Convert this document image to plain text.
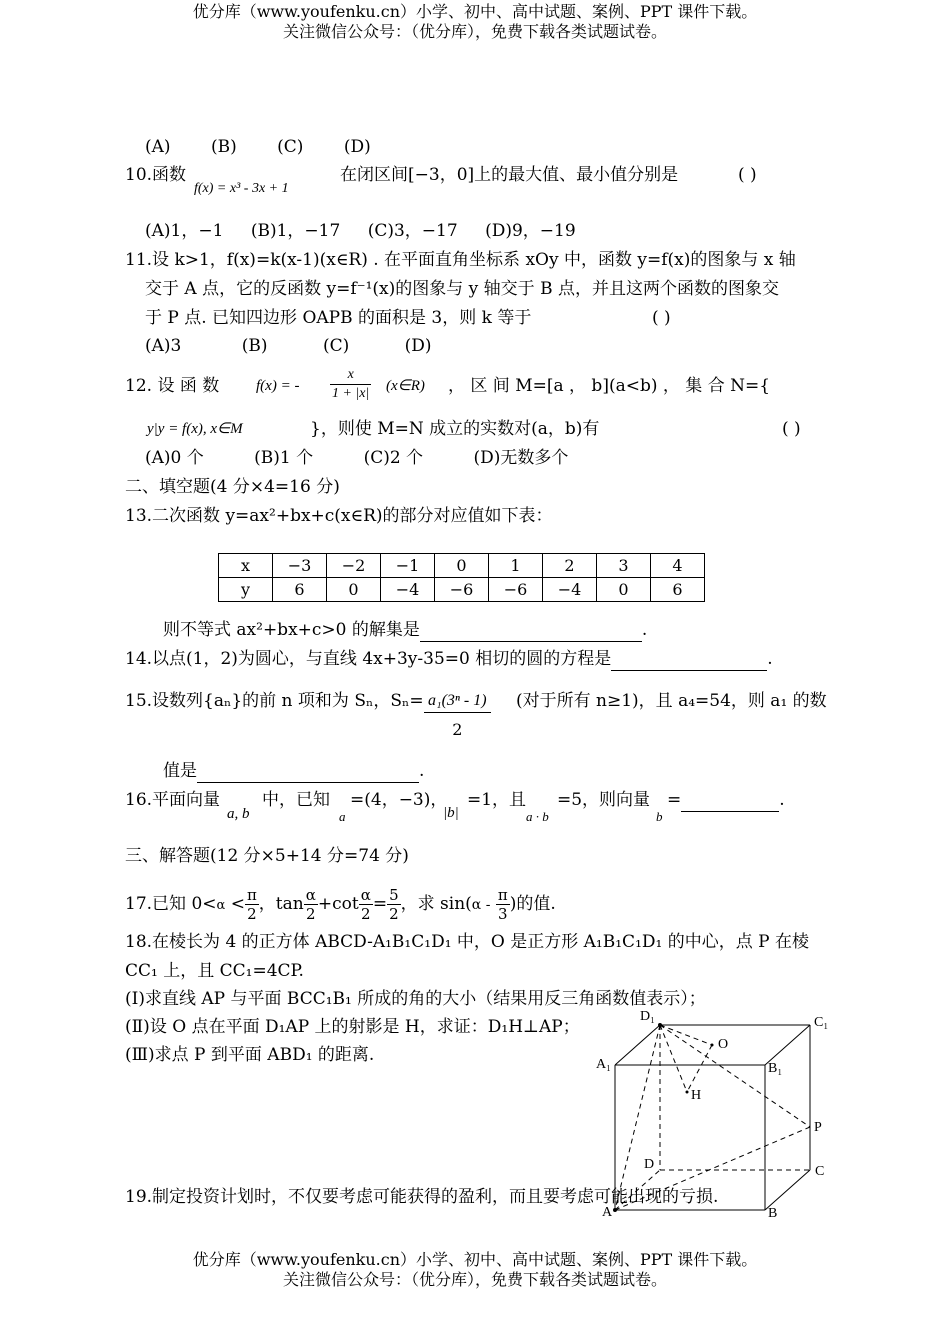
优分库（www.youfenku.cn）小学、初中、高中试题、案例、PPT 课件下载。
关注微信公众号：（优分库），免费下载各类试题试卷。
(A) (B) (C) (D)
10.函数
f(x) = x³ - 3x + 1
在闭区间[−3，0]上的最大值、最小值分别是	( )
(A)1，−1 (B)1，−17 (C)3，−17 (D)9，−19
11.设 k>1，f(x)=k(x-1)(x∈R) . 在平面直角坐标系 xOy 中，函数 y=f(x)的图象与 x 轴
交于 A 点，它的反函数 y=f⁻¹(x)的图象与 y 轴交于 B 点，并且这两个函数的图象交
于 P 点. 已知四边形 OAPB 的面积是 3，则 k 等于	( )
(A)3	(B)	(C)	(D)
12. 设 函 数 f(x) = - $\frac{x}{1 + |x|}$ (x∈R) ， 区 间 M=[a ， b](a<b) ， 集 合 N={
y|y = f(x), x∈M	}，则使 M=N 成立的实数对(a，b)有	( )
(A)0 个	(B)1 个	(C)2 个	(D)无数多个
二、填空题(4 分×4=16 分)
13.二次函数 y=ax²+bx+c(x∈R)的部分对应值如下表：
x	−3	−2	−1	0	1	2	3	4
y	6	0	−4	−6	−6	−4	0	6
则不等式 ax²+bx+c>0 的解集是	.
14.以点(1，2)为圆心，与直线 4x+3y-35=0 相切的圆的方程是	.
15.设数列{aₙ}的前 n 项和为 Sₙ，$S_n= \frac{\text{a₁(3ⁿ - 1)}}{2}$ (对于所有 n≥1)，且 a₄=54，则 a₁ 的数
值是	.
16.平面向量
a, b
中，已知
a
=(4，−3)，
|b|
=1，且
a · b
=5，则向量
b
=	.
三、解答题(12 分×5+14 分=74 分)
17.已知 $0<\alpha < \frac{\pi}{2}$ ，$\tan \frac{\alpha}{2} +\cot \frac{\alpha}{2} = \frac{5}{2}$ ，求 $\sin(\alpha - \frac{\pi}{3}$ )的值.
18.在棱长为 4 的正方体 ABCD-A₁B₁C₁D₁ 中，O 是正方形 A₁B₁C₁D₁ 的中心，点 P 在棱
CC₁ 上，且 CC₁=4CP.
(I)求直线 AP 与平面 BCC₁B₁ 所成的角的大小（结果用反三角函数值表示）；
(Ⅱ)设 O 点在平面 D₁AP 上的射影是 H，求证：D₁H⊥AP；
(Ⅲ)求点 P 到平面 ABD₁ 的距离.
D₁	C₁
A₁	B₁
O
H
P
D	C
A	B
19.制定投资计划时，不仅要考虑可能获得的盈利，而且要考虑可能出现的亏损.
优分库（www.youfenku.cn）小学、初中、高中试题、案例、PPT 课件下载。
关注微信公众号：（优分库），免费下载各类试题试卷。
